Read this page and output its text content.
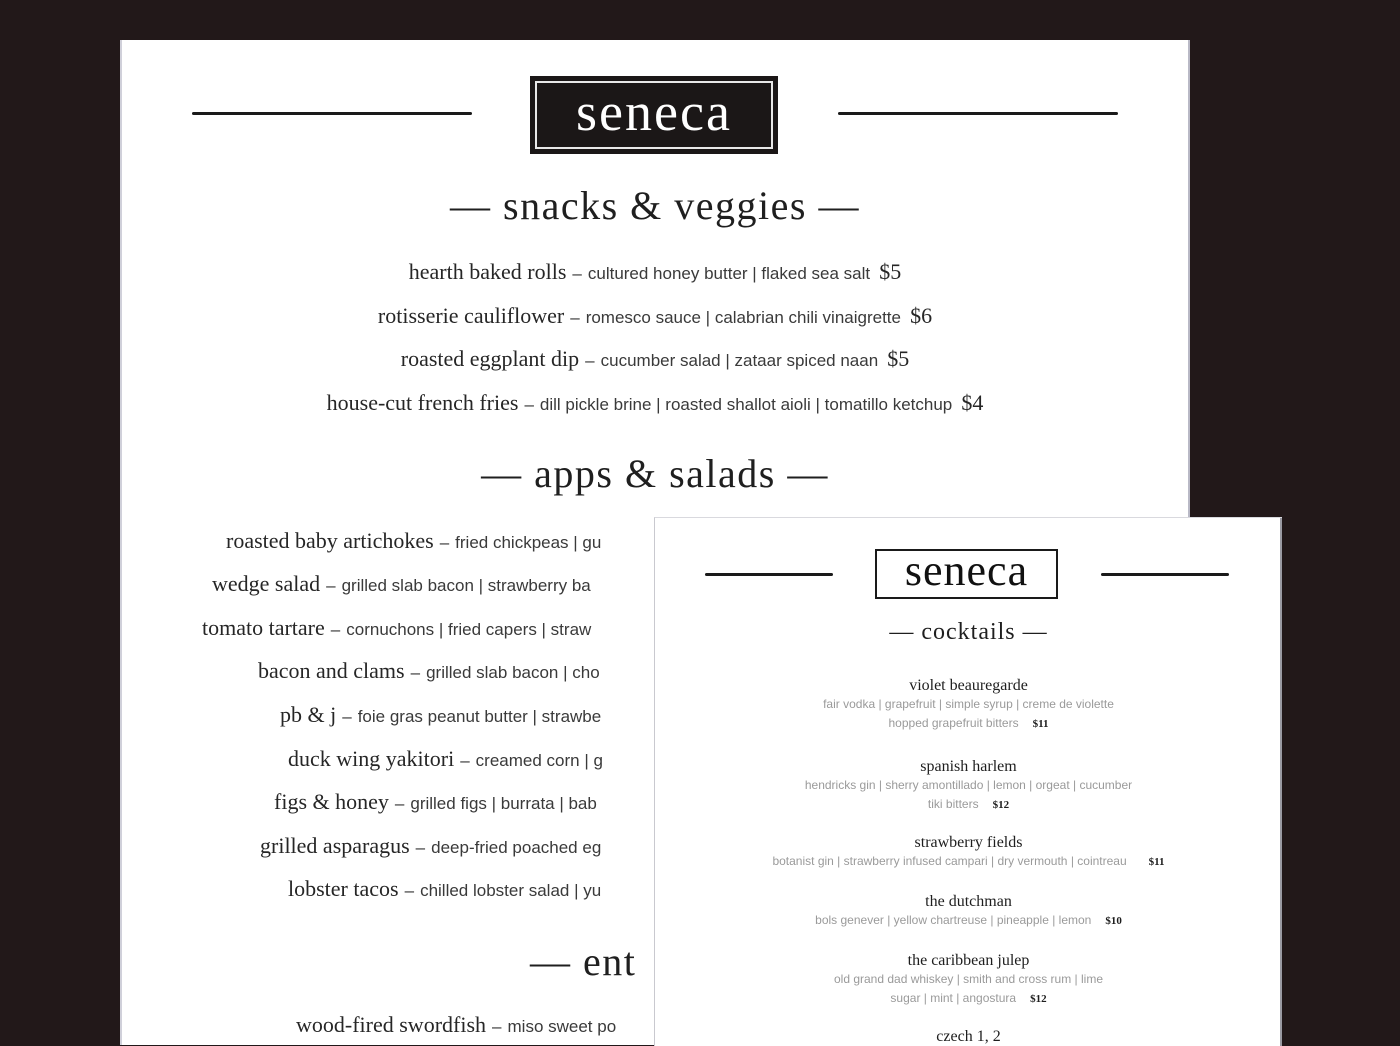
seneca
— snacks & veggies —
hearth baked rolls – cultured honey butter | flaked sea salt $5
rotisserie cauliflower – romesco sauce | calabrian chili vinaigrette $6
roasted eggplant dip – cucumber salad | zataar spiced naan $5
house-cut french fries – dill pickle brine | roasted shallot aioli | tomatillo ketchup $4
— apps & salads —
roasted baby artichokes – fried chickpeas | gu
wedge salad – grilled slab bacon | strawberry ba
tomato tartare – cornuchons | fried capers | straw
bacon and clams – grilled slab bacon | cho
pb & j – foie gras peanut butter | strawbe
duck wing yakitori – creamed corn | g
figs & honey – grilled figs | burrata | bab
grilled asparagus – deep-fried poached eg
lobster tacos – chilled lobster salad | yu
— ent
wood-fired swordfish – miso sweet po
seneca
— cocktails —
violet beauregarde
fair vodka | grapefruit | simple syrup | creme de violette
hopped grapefruit bitters $11
spanish harlem
hendricks gin | sherry amontillado | lemon | orgeat | cucumber
tiki bitters $12
strawberry fields
botanist gin | strawberry infused campari | dry vermouth | cointreau $11
the dutchman
bols genever | yellow chartreuse | pineapple | lemon $10
the caribbean julep
old grand dad whiskey | smith and cross rum | lime
sugar | mint | angostura $12
czech 1, 2
